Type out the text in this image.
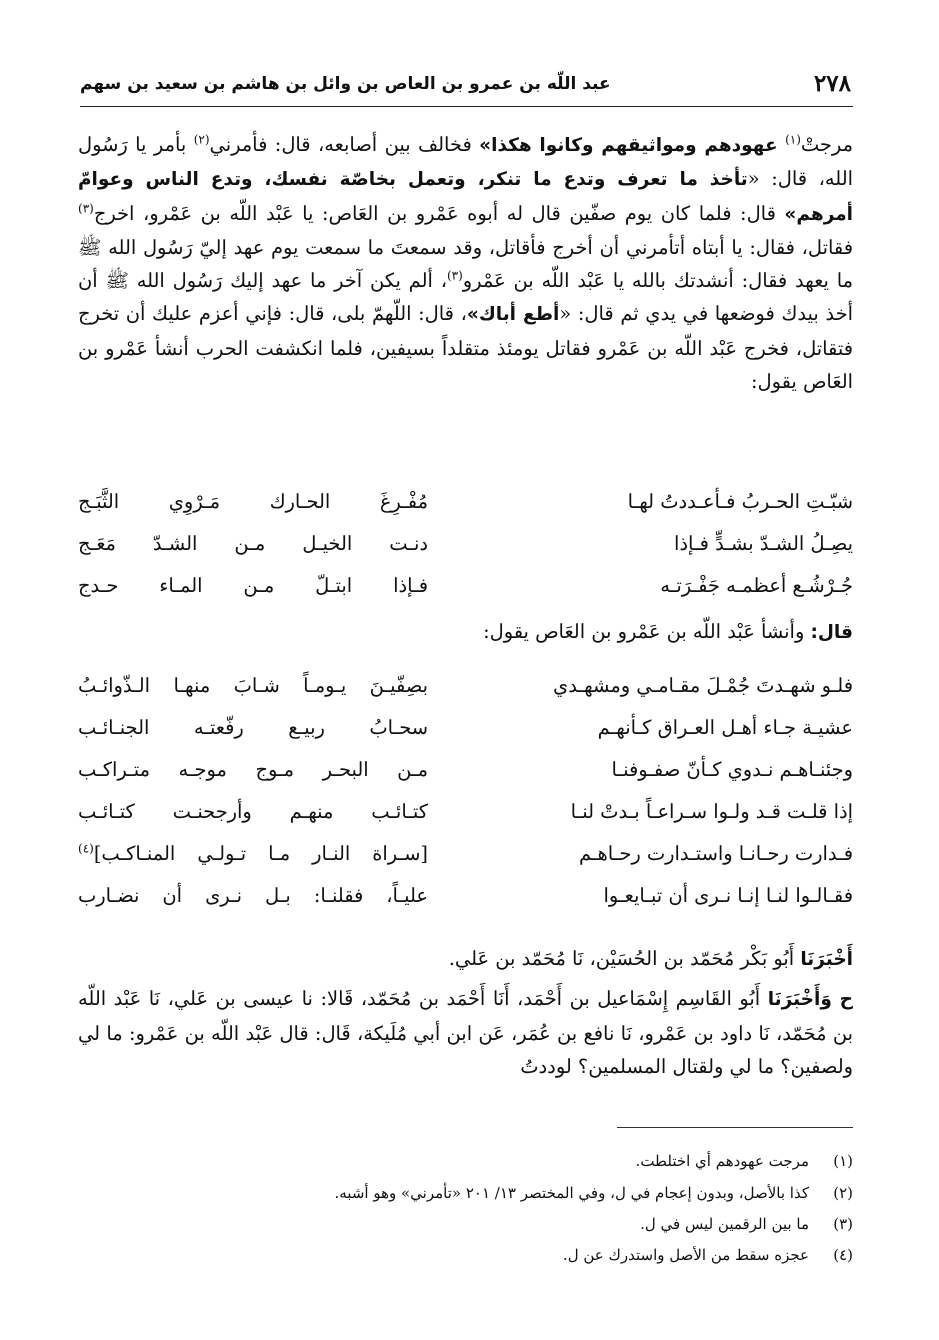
٢٧٨
عبد اللّه بن عمرو بن العاص بن وائل بن هاشم بن سعيد بن سهم
مرجتْ$^{(١)}$ عهودهم ومواثيقهم وكانوا هكذا» فخالف بين أصابعه، قال: فأمرني$^{(٢)}$ بأمر يا رَسُول الله، قال: «تأخذ ما تعرف وتدع ما تنكر، وتعمل بخاصّة نفسك، وتدع الناس وعوامّ أمرهم» قال: فلما كان يوم صفّين قال له أبوه عَمْرو بن العَاص: يا عَبْد اللّه بن عَمْرو، اخرج$^{(٣)}$ فقاتل، فقال: يا أبتاه أتأمرني أن أخرج فأقاتل، وقد سمعتَ ما سمعت يوم عهد إليّ رَسُول الله ﷺ ما يعهد فقال: أنشدتك بالله يا عَبْد اللّه بن عَمْرو$^{(٣)}$، ألم يكن آخر ما عهد إليك رَسُول الله ﷺ أن أخذ بيدك فوضعها في يدي ثم قال: «أطع أباك»، قال: اللّهمّ بلى، قال: فإني أعزم عليك أن تخرج فتقاتل، فخرج عَبْد اللّه بن عَمْرو فقاتل يومئذ متقلداً بسيفين، فلما انكشفت الحرب أنشأ عَمْرو بن العَاص يقول:
شبّـتِ الحـربُ فـأعـددتُ لهـا
مُفْـرِغَ الحـارك مَـرْوِي الثَّبَـج
يصِـلُ الشـدّ بشـدٍّ فـإذا
دنـت الخيـل مـن الشـدّ مَعَـج
جُـرْشُـع أعظمـه جَفْـرَتـه
فـإذا ابتـلّ مـن المـاء حـدج
قال: وأنشأ عَبْد اللّه بن عَمْرو بن العَاص يقول:
فلـو شهـدتَ جُمْـلَ مقـامـي ومشهـدي
بصِفّيـنَ يـومـاً شـابَ منهـا الـذّوائـبُ
عشيـة جـاء أهـل العـراق كـأنهـم
سحـابُ ربيـع رفّعتـه الجنـائـب
وجئنـاهـم نـدوي كـأنّ صفـوفنـا
مـن البحـر مـوج موجـه متـراكـب
إذا قلـت قـد ولـوا سـراعـاً بـدتْ لنـا
كتـائـب منهـم وأرجحنـت كتـائـب
فـدارت رحـانـا واستـدارت رحـاهـم
[سـراة النـار مـا تـولـي المنـاكـب]$^{(٤)}$
فقـالـوا لنـا إنـا نـرى أن تبـايعـوا
عليـاً، فقلنـا: بـل نـرى أن نضـارب
أَخْبَرَنَا أَبُو بَكْر مُحَمّد بن الحُسَيْن، نَا مُحَمّد بن عَلي.
ح وَأَخْبَرَنَا أَبُو القَاسِم إِسْمَاعيل بن أَحْمَد، أَنَا أَحْمَد بن مُحَمّد، قَالا: نا عيسى بن عَلي، نَا عَبْد اللّه بن مُحَمّد، نَا داود بن عَمْرو، نَا نافع بن عُمَر، عَن ابن أبي مُلَيكة، قَال: قال عَبْد اللّه بن عَمْرو: ما لي ولصفين؟ ما لي ولقتال المسلمين؟ لوددتُ
(١)مرجت عهودهم أي اختلطت.
(٢)كذا بالأصل، وبدون إعجام في ل، وفي المختصر ١٣/ ٢٠١ «تأمرني» وهو أشبه.
(٣)ما بين الرقمين ليس في ل.
(٤)عجزه سقط من الأصل واستدرك عن ل.
